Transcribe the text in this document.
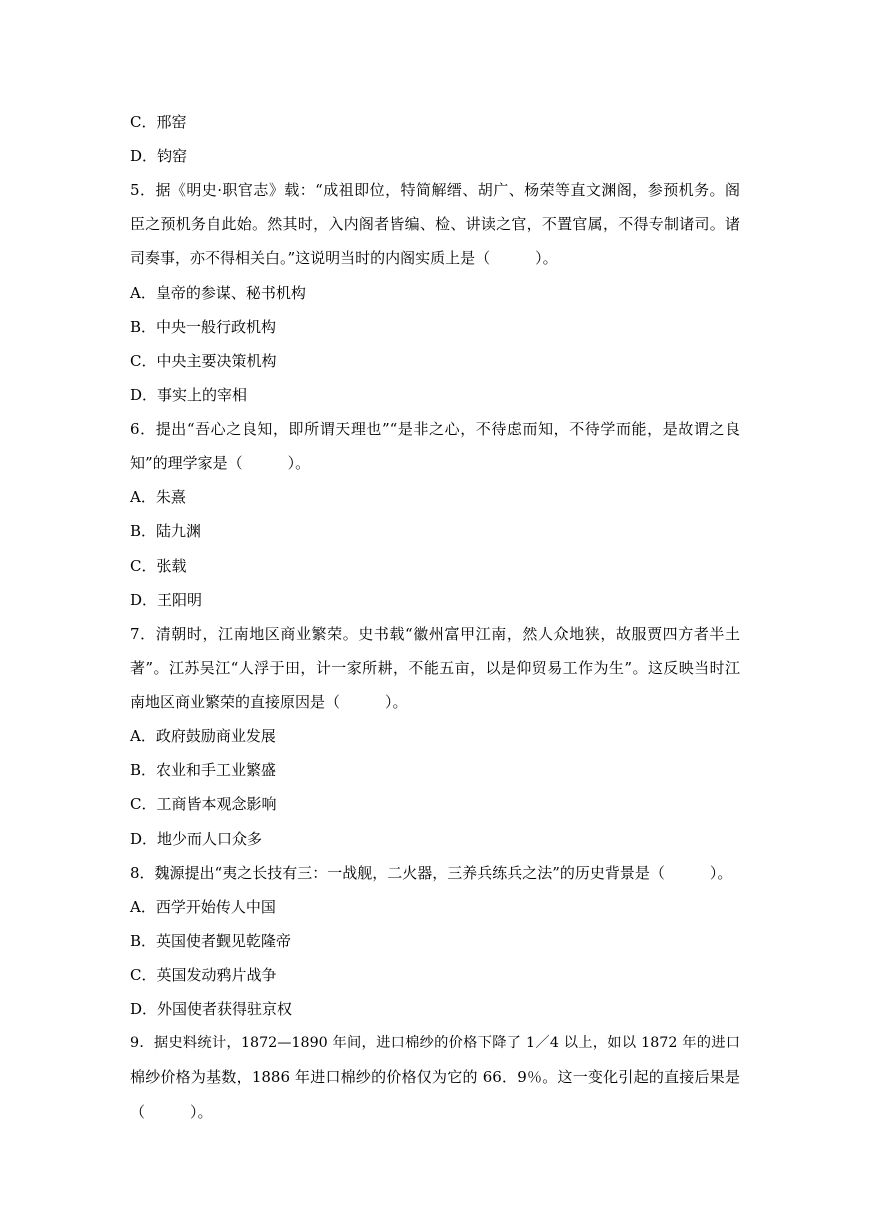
C．邢窑
D．钧窑
5．据《明史·职官志》载：“成祖即位，特简解缙、胡广、杨荣等直文渊阁，参预机务。阁
臣之预机务自此始。然其时，入内阁者皆编、检、讲读之官，不置官属，不得专制诸司。诸
司奏事，亦不得相关白。”这说明当时的内阁实质上是（　　　）。
A．皇帝的参谋、秘书机构
B．中央一般行政机构
C．中央主要决策机构
D．事实上的宰相
6．提出“吾心之良知，即所谓天理也”“是非之心，不待虑而知，不待学而能，是故谓之良
知”的理学家是（　　　）。
A．朱熹
B．陆九渊
C．张载
D．王阳明
7．清朝时，江南地区商业繁荣。史书载“徽州富甲江南，然人众地狭，故服贾四方者半土
著”。江苏吴江“人浮于田，计一家所耕，不能五亩，以是仰贸易工作为生”。这反映当时江
南地区商业繁荣的直接原因是（　　　）。
A．政府鼓励商业发展
B．农业和手工业繁盛
C．工商皆本观念影响
D．地少而人口众多
8．魏源提出“夷之长技有三：一战舰，二火器，三养兵练兵之法”的历史背景是（　　　）。
A．西学开始传人中国
B．英国使者觐见乾隆帝
C．英国发动鸦片战争
D．外国使者获得驻京权
9．据史料统计，1872—1890 年间，进口棉纱的价格下降了 1／4 以上，如以 1872 年的进口
棉纱价格为基数，1886 年进口棉纱的价格仅为它的 66．9％。这一变化引起的直接后果是
（　　　）。
